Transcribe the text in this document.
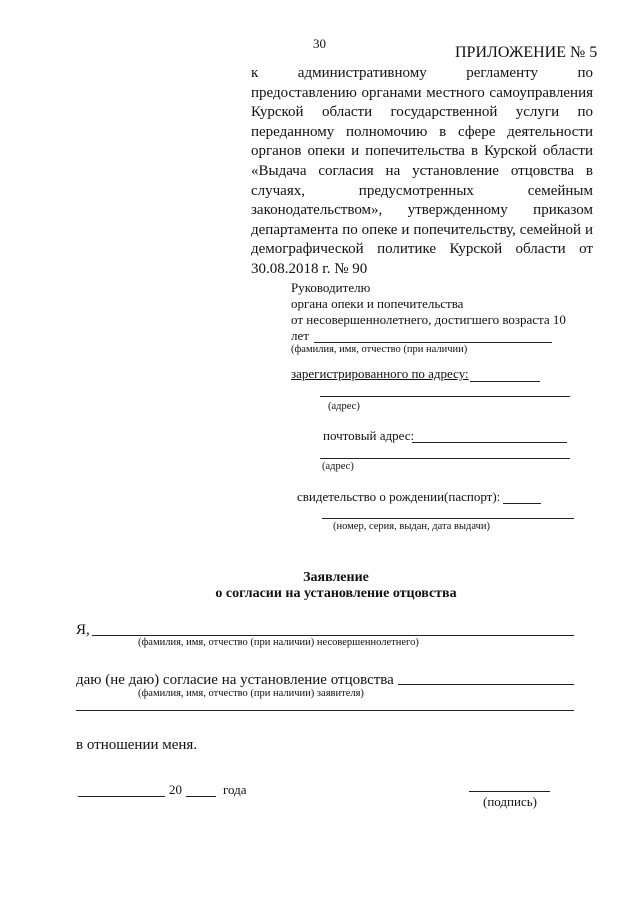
30
ПРИЛОЖЕНИЕ № 5
к административному регламенту по предоставлению органами местного самоуправления Курской области государственной услуги по переданному полномочию в сфере деятельности органов опеки и попечительства в Курской области «Выдача согласия на установление отцовства в случаях, предусмотренных семейным законодательством», утвержденному приказом департамента по опеке и попечительству, семейной и демографической политике Курской области от 30.08.2018 г. № 90
Руководителю
органа опеки и попечительства
от несовершеннолетнего, достигшего возраста 10
лет
(фамилия, имя, отчество (при наличии)
зарегистрированного по адресу:
(адрес)
почтовый адрес:
(адрес)
свидетельство о рождении(паспорт):
(номер, серия, выдан, дата выдачи)
Заявление
о согласии на установление отцовства
Я,
(фамилия, имя, отчество (при наличии) несовершеннолетнего)
даю (не даю) согласие на установление отцовства
(фамилия, имя, отчество (при наличии) заявителя)
в отношении меня.
20	года
(подпись)
